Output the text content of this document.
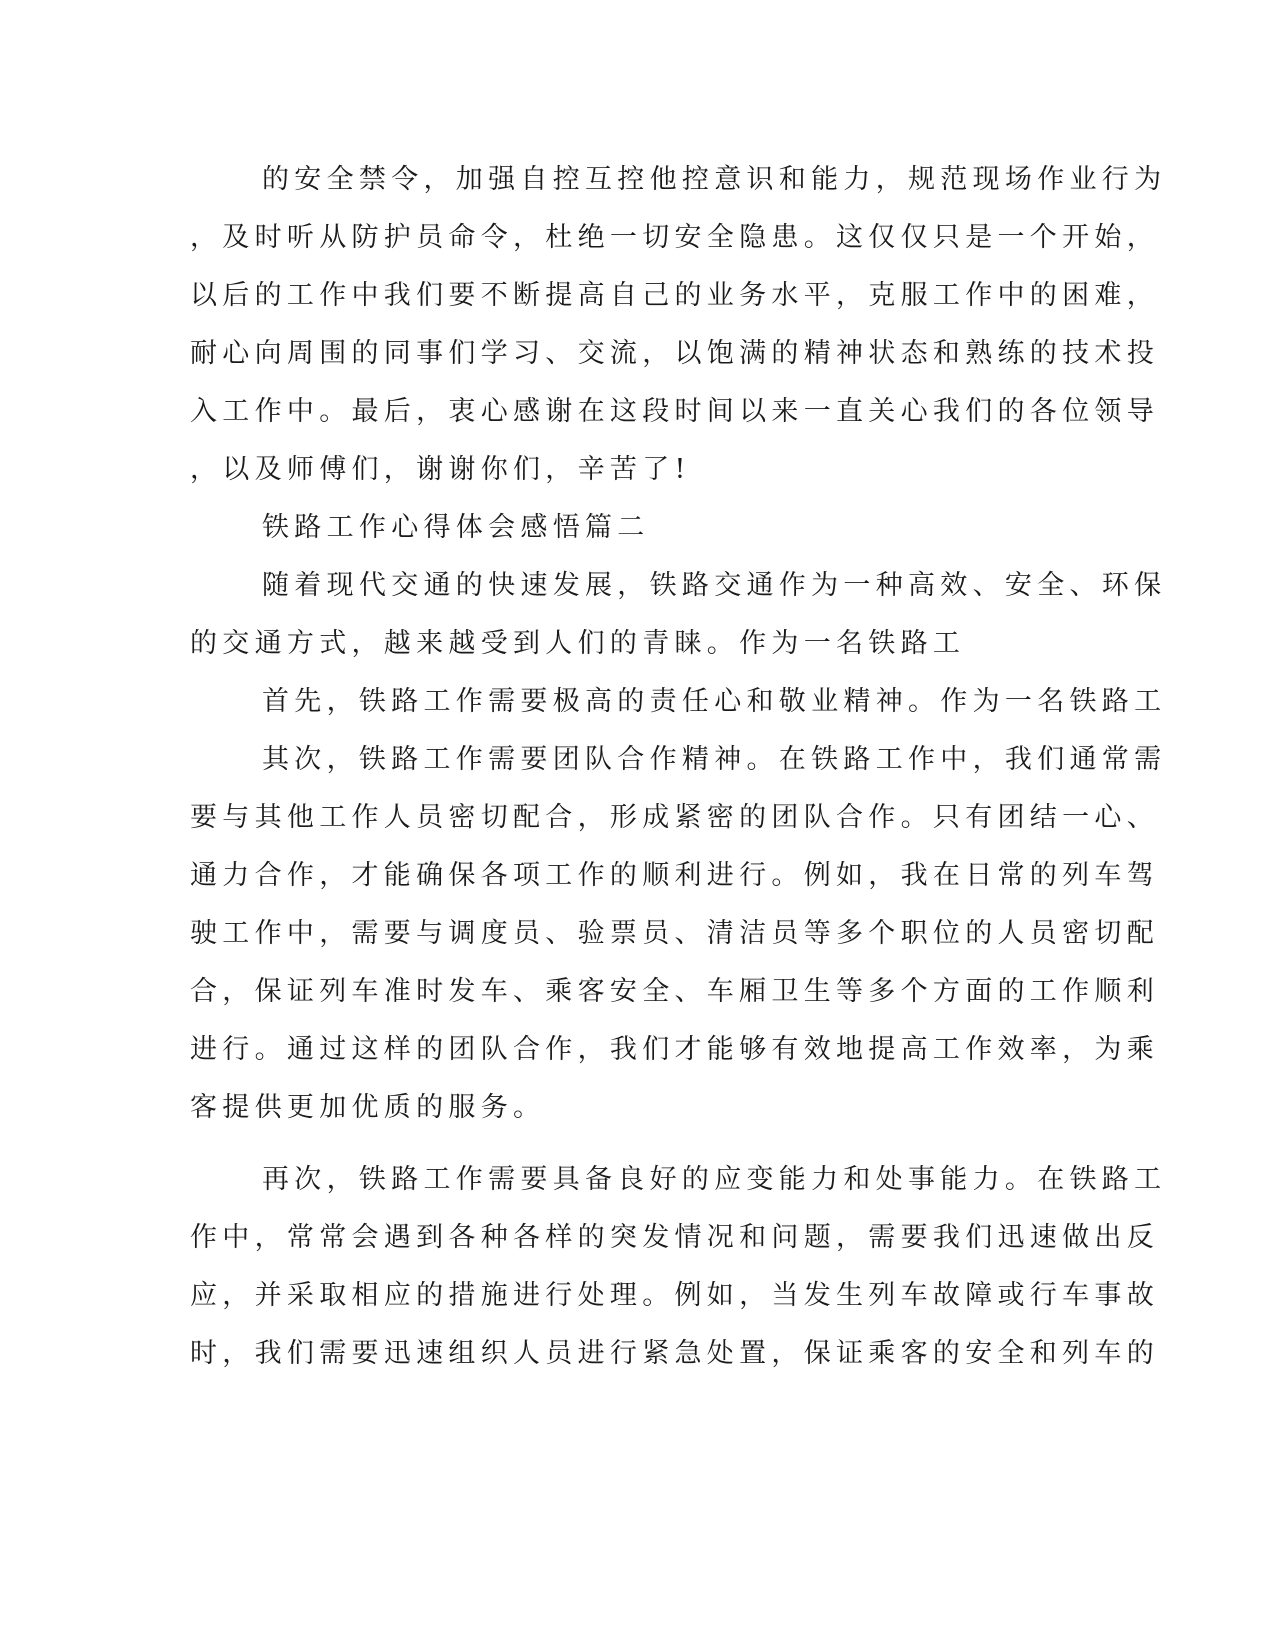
的安全禁令，加强自控互控他控意识和能力，规范现场作业行为
，及时听从防护员命令，杜绝一切安全隐患。这仅仅只是一个开始，
以后的工作中我们要不断提高自己的业务水平，克服工作中的困难，
耐心向周围的同事们学习、交流，以饱满的精神状态和熟练的技术投
入工作中。最后，衷心感谢在这段时间以来一直关心我们的各位领导
，以及师傅们，谢谢你们，辛苦了!
铁路工作心得体会感悟篇二
随着现代交通的快速发展，铁路交通作为一种高效、安全、环保
的交通方式，越来越受到人们的青睐。作为一名铁路工
首先，铁路工作需要极高的责任心和敬业精神。作为一名铁路工
其次，铁路工作需要团队合作精神。在铁路工作中，我们通常需
要与其他工作人员密切配合，形成紧密的团队合作。只有团结一心、
通力合作，才能确保各项工作的顺利进行。例如，我在日常的列车驾
驶工作中，需要与调度员、验票员、清洁员等多个职位的人员密切配
合，保证列车准时发车、乘客安全、车厢卫生等多个方面的工作顺利
进行。通过这样的团队合作，我们才能够有效地提高工作效率，为乘
客提供更加优质的服务。
再次，铁路工作需要具备良好的应变能力和处事能力。在铁路工
作中，常常会遇到各种各样的突发情况和问题，需要我们迅速做出反
应，并采取相应的措施进行处理。例如，当发生列车故障或行车事故
时，我们需要迅速组织人员进行紧急处置，保证乘客的安全和列车的
